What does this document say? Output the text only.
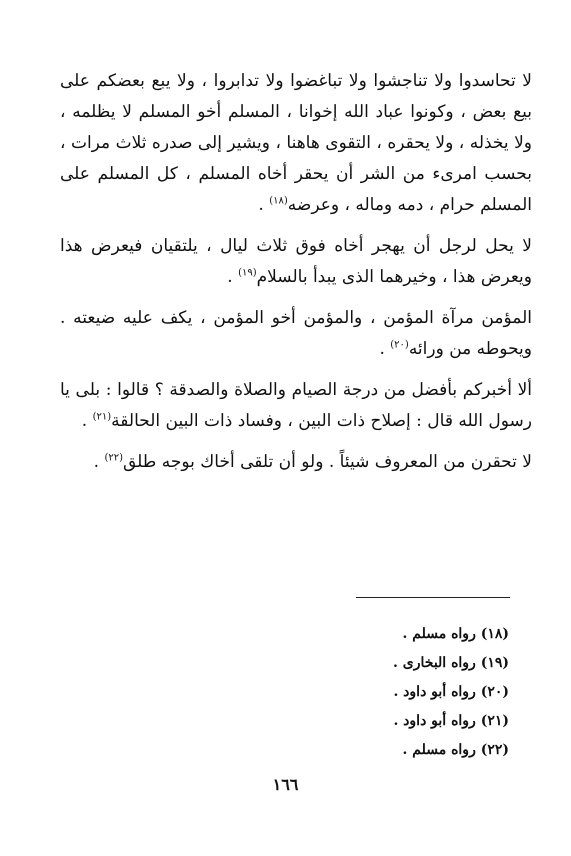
لا تحاسدوا ولا تناجشوا ولا تباغضوا ولا تدابروا ، ولا يبع بعضكم على بيع بعض ، وكونوا عباد الله إخوانا ، المسلم أخو المسلم لا يظلمه ، ولا يخذله ، ولا يحقره ، التقوى هاهنا ، ويشير إلى صدره ثلاث مرات ، بحسب امرىء من الشر أن يحقر أخاه المسلم ، كل المسلم على المسلم حرام ، دمه وماله ، وعرضه$^{(١٨)}$ .

لا يحل لرجل أن يهجر أخاه فوق ثلاث ليال ، يلتقيان فيعرض هذا ويعرض هذا ، وخيرهما الذى يبدأ بالسلام$^{(١٩)}$ .

المؤمن مرآة المؤمن ، والمؤمن أخو المؤمن ، يكف عليه ضيعته . ويحوطه من ورائه$^{(٢٠)}$ .

ألا أخبركم بأفضل من درجة الصيام والصلاة والصدقة ؟ قالوا : بلى يا رسول الله قال : إصلاح ذات البين ، وفساد ذات البين الحالقة$^{(٢١)}$ .

لا تحقرن من المعروف شيئاً . ولو أن تلقى أخاك بوجه طلق$^{(٢٢)}$ .

(١٨) رواه مسلم .
(١٩) رواه البخارى .
(٢٠) رواه أبو داود .
(٢١) رواه أبو داود .
(٢٢) رواه مسلم .
١٦٦
